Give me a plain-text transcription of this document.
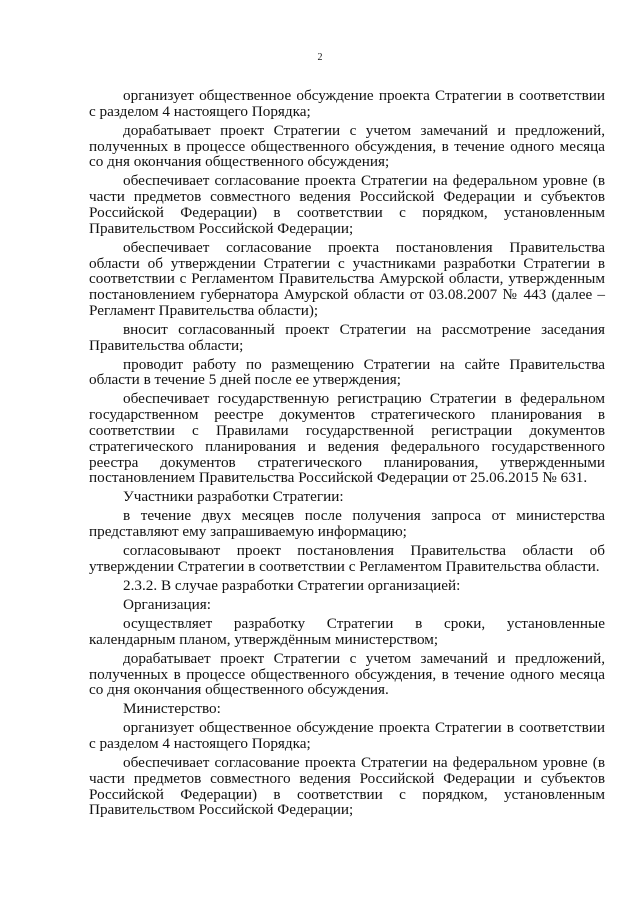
2

организует общественное обсуждение проекта Стратегии в соответствии с разделом 4 настоящего Порядка;

дорабатывает проект Стратегии с учетом замечаний и предложений, полученных в процессе общественного обсуждения, в течение одного месяца со дня окончания общественного обсуждения;

обеспечивает согласование проекта Стратегии на федеральном уровне (в части предметов совместного ведения Российской Федерации и субъектов Российской Федерации) в соответствии с порядком, установленным Правительством Российской Федерации;

обеспечивает согласование проекта постановления Правительства области об утверждении Стратегии с участниками разработки Стратегии в соответствии с Регламентом Правительства Амурской области, утвержденным постановлением губернатора Амурской области от 03.08.2007 № 443 (далее – Регламент Правительства области);

вносит согласованный проект Стратегии на рассмотрение заседания Правительства области;

проводит работу по размещению Стратегии на сайте Правительства области в течение 5 дней после ее утверждения;

обеспечивает государственную регистрацию Стратегии в федеральном государственном реестре документов стратегического планирования в соответствии с Правилами государственной регистрации документов стратегического планирования и ведения федерального государственного реестра документов стратегического планирования, утвержденными постановлением Правительства Российской Федерации от 25.06.2015 № 631.

Участники разработки Стратегии:

в течение двух месяцев после получения запроса от министерства представляют ему запрашиваемую информацию;

согласовывают проект постановления Правительства области об утверждении Стратегии в соответствии с Регламентом Правительства области.

2.3.2. В случае разработки Стратегии организацией:

Организация:

осуществляет разработку Стратегии в сроки, установленные календарным планом, утверждённым министерством;

дорабатывает проект Стратегии с учетом замечаний и предложений, полученных в процессе общественного обсуждения, в течение одного месяца со дня окончания общественного обсуждения.

Министерство:

организует общественное обсуждение проекта Стратегии в соответствии с разделом 4 настоящего Порядка;

обеспечивает согласование проекта Стратегии на федеральном уровне (в части предметов совместного ведения Российской Федерации и субъектов Российской Федерации) в соответствии с порядком, установленным Правительством Российской Федерации;
